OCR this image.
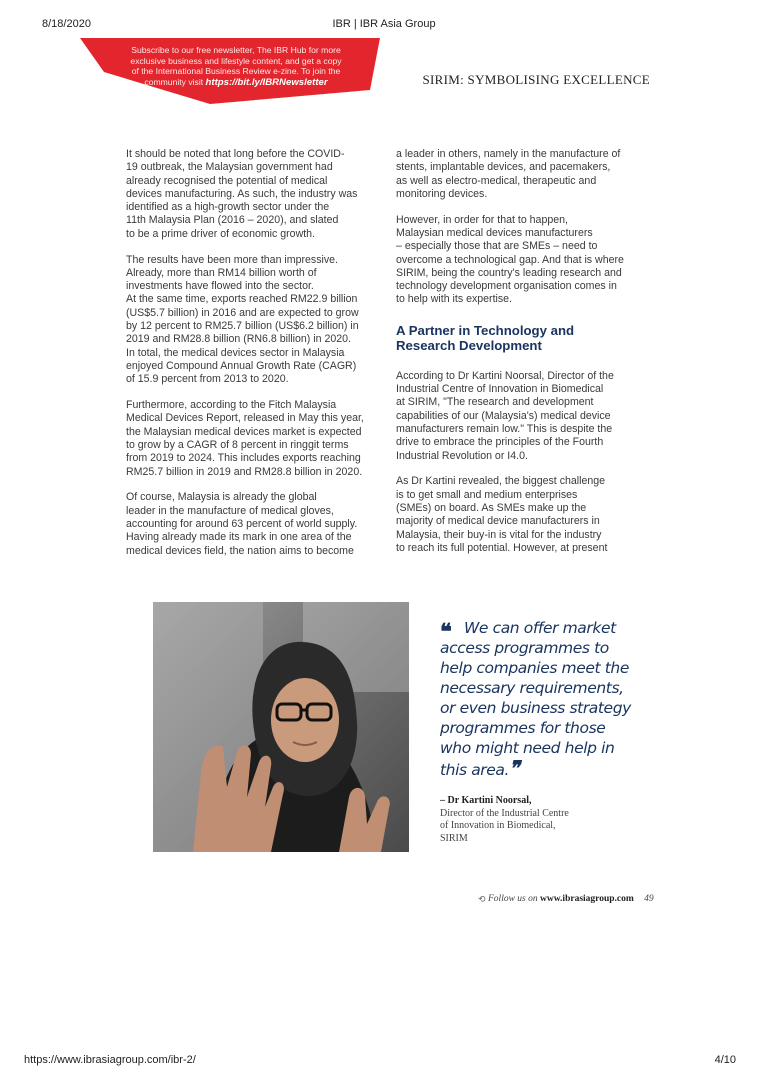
8/18/2020	IBR | IBR Asia Group
Subscribe to our free newsletter, The IBR Hub for more
exclusive business and lifestyle content, and get a copy
of the International Business Review e-zine. To join the
community visit https://bit.ly/IBRNewsletter	SIRIM: SYMBOLISING EXCELLENCE

It should be noted that long before the COVID-
19 outbreak, the Malaysian government had
already recognised the potential of medical
devices manufacturing. As such, the industry was
identified as a high-growth sector under the
11th Malaysia Plan (2016 – 2020), and slated
to be a prime driver of economic growth.

The results have been more than impressive.
Already, more than RM14 billion worth of
investments have flowed into the sector.
At the same time, exports reached RM22.9 billion
(US$5.7 billion) in 2016 and are expected to grow
by 12 percent to RM25.7 billion (US$6.2 billion) in
2019 and RM28.8 billion (RN6.8 billion) in 2020.
In total, the medical devices sector in Malaysia
enjoyed Compound Annual Growth Rate (CAGR)
of 15.9 percent from 2013 to 2020.

Furthermore, according to the Fitch Malaysia
Medical Devices Report, released in May this year,
the Malaysian medical devices market is expected
to grow by a CAGR of 8 percent in ringgit terms
from 2019 to 2024. This includes exports reaching
RM25.7 billion in 2019 and RM28.8 billion in 2020.

Of course, Malaysia is already the global
leader in the manufacture of medical gloves,
accounting for around 63 percent of world supply.
Having already made its mark in one area of the
medical devices field, the nation aims to become

a leader in others, namely in the manufacture of
stents, implantable devices, and pacemakers,
as well as electro-medical, therapeutic and
monitoring devices.

However, in order for that to happen,
Malaysian medical devices manufacturers
– especially those that are SMEs – need to
overcome a technological gap. And that is where
SIRIM, being the country's leading research and
technology development organisation comes in
to help with its expertise.

A Partner in Technology and
Research Development

According to Dr Kartini Noorsal, Director of the
Industrial Centre of Innovation in Biomedical
at SIRIM, "The research and development
capabilities of our (Malaysia's) medical device
manufacturers remain low." This is despite the
drive to embrace the principles of the Fourth
Industrial Revolution or I4.0.

As Dr Kartini revealed, the biggest challenge
is to get small and medium enterprises
(SMEs) on board. As SMEs make up the
majority of medical device manufacturers in
Malaysia, their buy-in is vital for the industry
to reach its full potential. However, at present

❝ We can offer market
access programmes to
help companies meet the
necessary requirements,
or even business strategy
programmes for those
who might need help in
this area.❞
– Dr Kartini Noorsal,
Director of the Industrial Centre
of Innovation in Biomedical,
SIRIM
⟲ Follow us on www.ibrasiagroup.com 49
https://www.ibrasiagroup.com/ibr-2/	4/10
